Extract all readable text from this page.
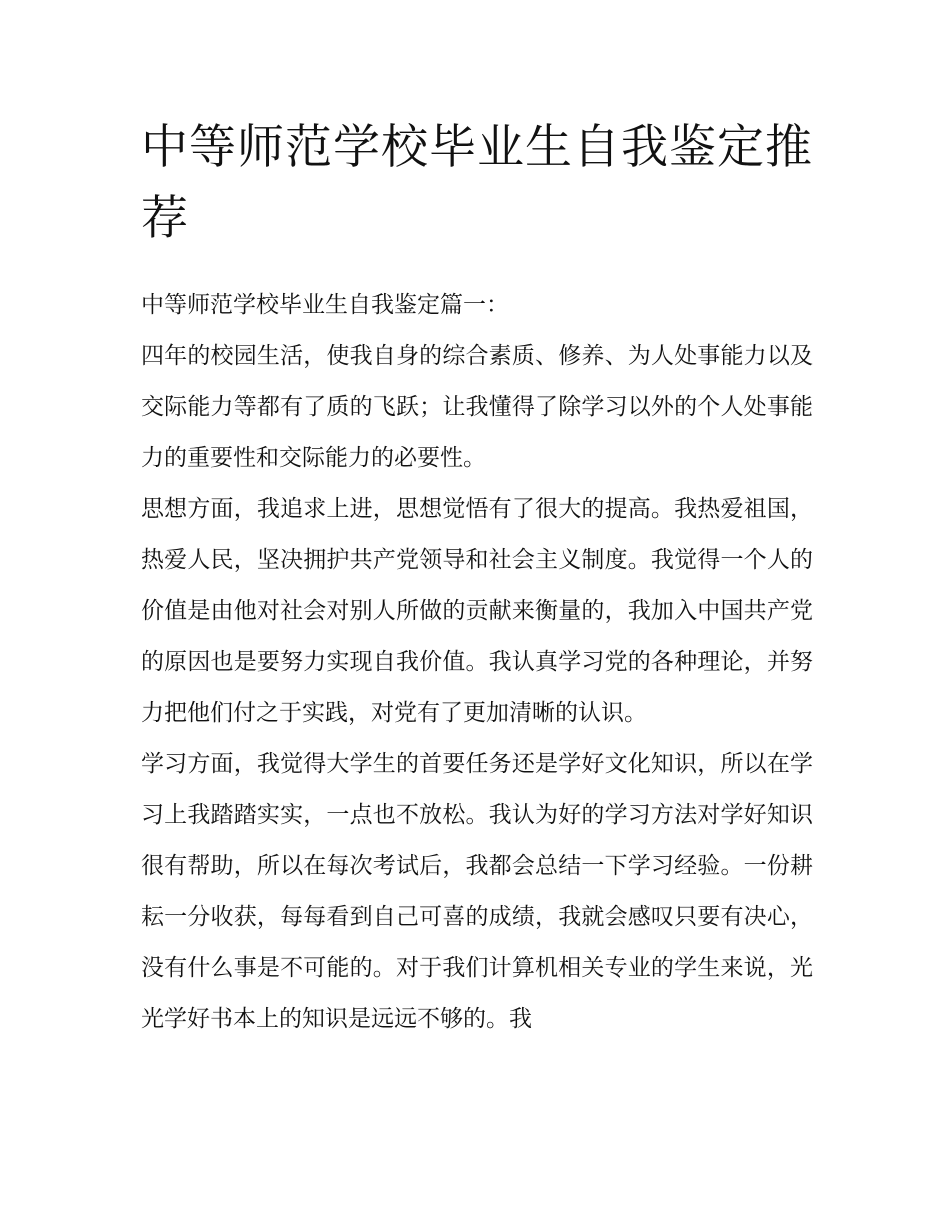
中等师范学校毕业生自我鉴定推荐

中等师范学校毕业生自我鉴定篇一：

四年的校园生活，使我自身的综合素质、修养、为人处事能力以及交际能力等都有了质的飞跃；让我懂得了除学习以外的个人处事能力的重要性和交际能力的必要性。

思想方面，我追求上进，思想觉悟有了很大的提高。我热爱祖国，热爱人民，坚决拥护共产党领导和社会主义制度。我觉得一个人的价值是由他对社会对别人所做的贡献来衡量的，我加入中国共产党的原因也是要努力实现自我价值。我认真学习党的各种理论，并努力把他们付之于实践，对党有了更加清晰的认识。

学习方面，我觉得大学生的首要任务还是学好文化知识，所以在学习上我踏踏实实，一点也不放松。我认为好的学习方法对学好知识很有帮助，所以在每次考试后，我都会总结一下学习经验。一份耕耘一分收获，每每看到自己可喜的成绩，我就会感叹只要有决心，没有什么事是不可能的。对于我们计算机相关专业的学生来说，光光学好书本上的知识是远远不够的。我
